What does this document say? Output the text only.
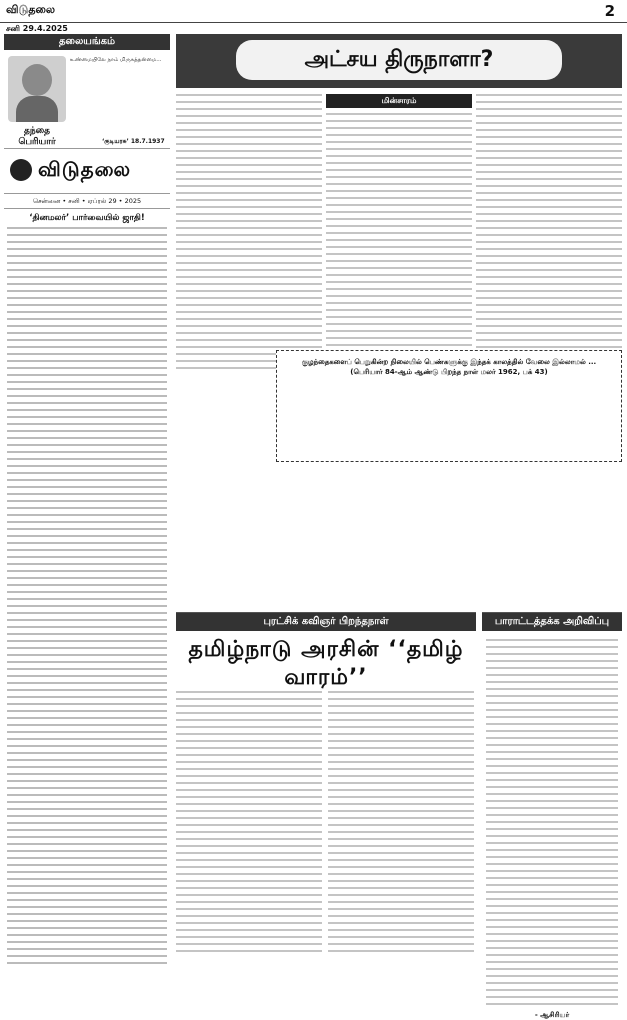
விடுதலை	2
சனி 29.4.2025
தலையங்கம்
தந்தை பெரியார்
உண்மையிலே நாம் மிருகத்தன்மை...
‘குடியரசு’ 18.7.1937
விடுதலை
சென்னை • சனி • ஏப்ரல் 29 • 2025
‘தினமலர்’ பார்வையில் ஜாதி!
அட்சய திருநாளா?
மின்சாரம்
குழந்தைகளைப் பெறுகின்ற நிலையில் பெண்களுக்கு இந்தக் காலத்தில் வேலை இல்லாமல் ... (பெரியார் 84-ஆம் ஆண்டு பிறந்த நாள் மலர் 1962, பக் 43)
புரட்சிக் கவிஞர் பிறந்தநாள்
தமிழ்நாடு அரசின் ‘‘தமிழ் வாரம்’’
பாராட்டத்தக்க அறிவிப்பு
- ஆசிரியர்
